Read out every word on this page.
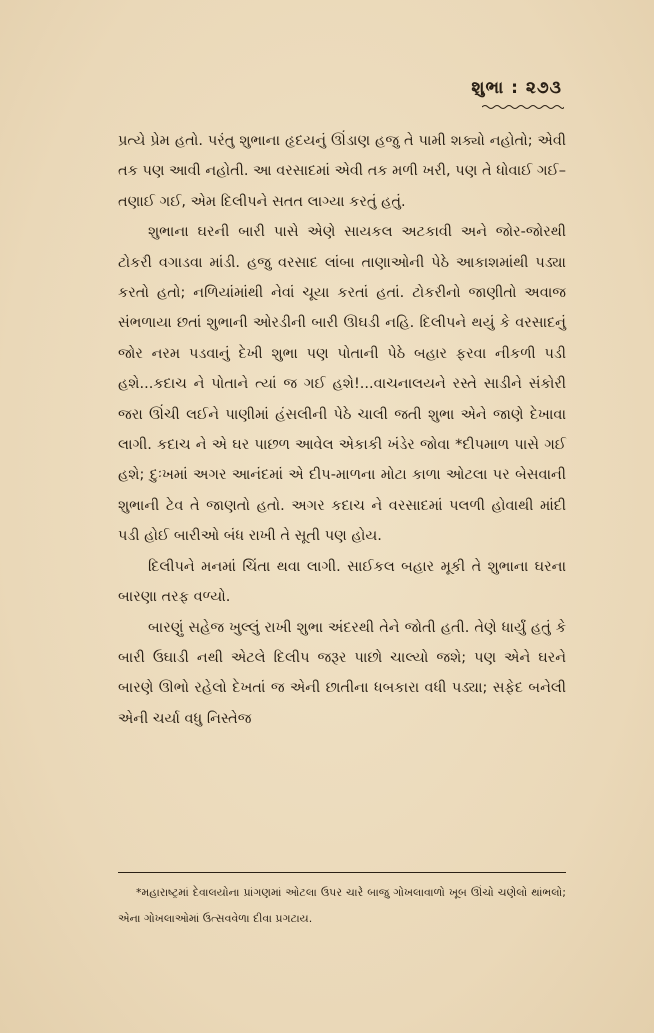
શુભા : ૨૭૩

પ્રત્યે પ્રેમ હતો. પરંતુ શુભાના હૃદયનું ઊંડાણ હજુ તે પામી શક્યો નહોતો; એવી તક પણ આવી નહોતી. આ વરસાદમાં એવી તક મળી ખરી, પણ તે ધોવાઈ ગઈ– તણાઈ ગઈ, એમ દિલીપને સતત લાગ્યા કરતું હતું.

શુભાના ઘરની બારી પાસે એણે સાયકલ અટકાવી અને જોર-જોરથી ટોકરી વગાડવા માંડી. હજુ વરસાદ લાંબા તાણાઓની પેઠે આકાશમાંથી પડ્યા કરતો હતો; નળિયાંમાંથી નેવાં ચૂયા કરતાં હતાં. ટોકરીનો જાણીતો અવાજ સંભળાયા છતાં શુભાની ઓરડીની બારી ઊઘડી નહિ. દિલીપને થયું કે વરસાદનું જોર નરમ પડવાનું દેખી શુભા પણ પોતાની પેઠે બહાર ફરવા નીકળી પડી હશે...કદાચ ને પોતાને ત્યાં જ ગઈ હશે!...વાચનાલયને રસ્તે સાડીને સંકોરી જરા ઊંચી લઈને પાણીમાં હંસલીની પેઠે ચાલી જતી શુભા એને જાણે દેખાવા લાગી. કદાચ ને એ ઘર પાછળ આવેલ એકાકી ખંડેર જોવા *દીપમાળ પાસે ગઈ હશે; દુઃખમાં અગર આનંદમાં એ દીપ-માળના મોટા કાળા ઓટલા પર બેસવાની શુભાની ટેવ તે જાણતો હતો. અગર કદાચ ને વરસાદમાં પલળી હોવાથી માંદી પડી હોઈ બારીઓ બંધ રાખી તે સૂતી પણ હોય.

દિલીપને મનમાં ચિંતા થવા લાગી. સાઈકલ બહાર મૂકી તે શુભાના ઘરના બારણા તરફ વળ્યો.

બારણું સહેજ ખુલ્લું રાખી શુભા અંદરથી તેને જોતી હતી. તેણે ધાર્યું હતું કે બારી ઉઘાડી નથી એટલે દિલીપ જરૂર પાછો ચાલ્યો જશે; પણ એને ઘરને બારણે ઊભો રહેલો દેખતાં જ એની છાતીના ધબકારા વધી પડ્યા; સફેદ બનેલી એની ચર્યા વધુ નિસ્તેજ

*મહારાષ્ટ્રમાં દેવાલયોના પ્રાંગણમાં ઓટલા ઉપર ચારે બાજુ ગોખલાવાળો ખૂબ ઊંચો ચણેલો થાંભલો; એના ગોખલાઓમાં ઉત્સવવેળા દીવા પ્રગટાય.
